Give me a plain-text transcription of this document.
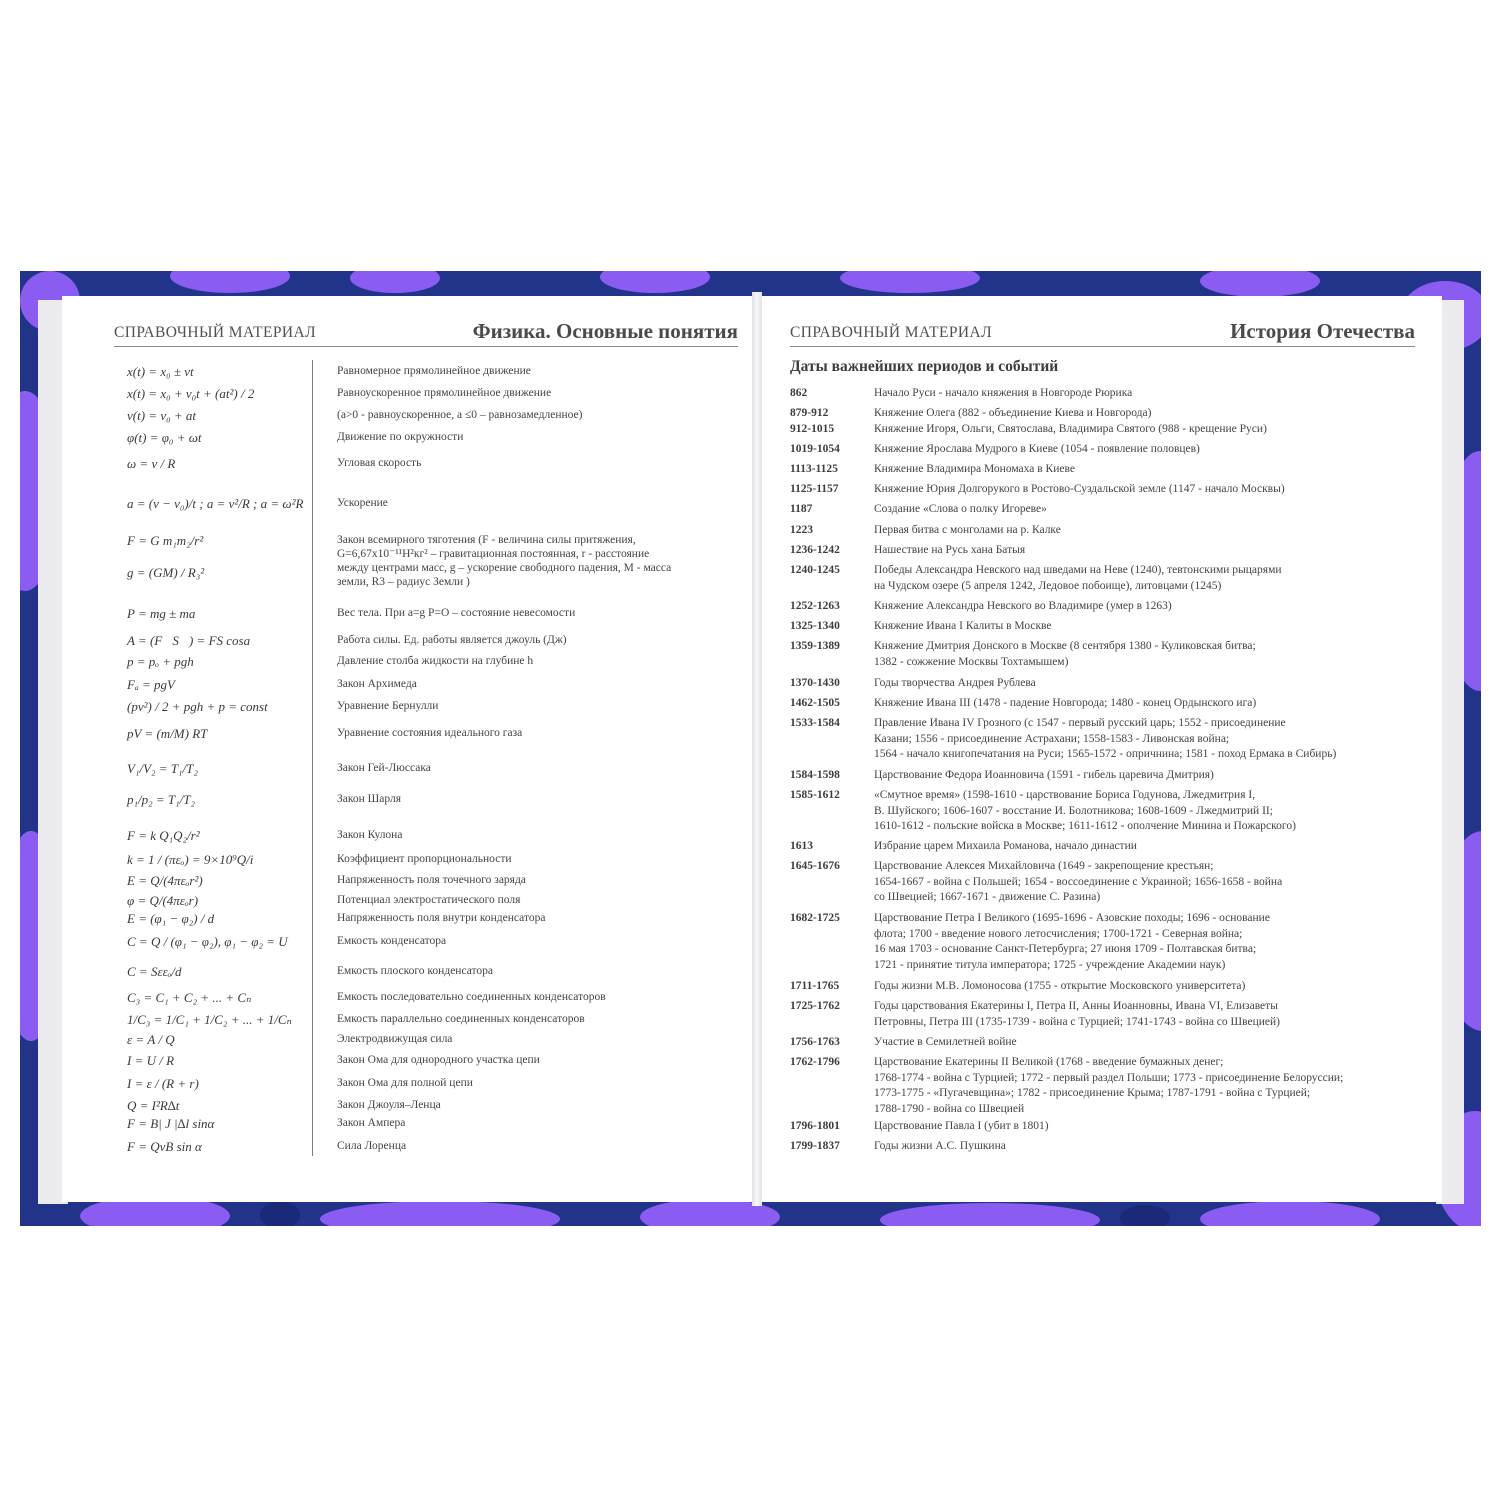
СПРАВОЧНЫЙ МАТЕРИАЛ	Физика. Основные понятия
x(t) = x₀ ± vt	Равномерное прямолинейное движение
x(t) = x₀ + v₀t + (at²) / 2	Равноускоренное прямолинейное движение
v(t) = v₀ + at	(a>0 - равноускоренное, a ≤0 – равнозамедленное)
φ(t) = φ₀ + ωt	Движение по окружности
ω = v / R	Угловая скорость
a = (v − v₀)/t ; a = v²/R ; a = ω²R	Ускорение
F = G m₁m₂/r²	Закон всемирного тяготения (F - величина силы притяжения,
G=6,67x10⁻¹¹Н²кг² – гравитационная постоянная, r - расстояние
между центрами масс, g – ускорение свободного падения, M - масса
земли, R3 – радиус Земли )
g = (GM) / R₃²
P = mg ± ma	Вес тела. При a=g P=O – состояние невесомости
A = (F⃗S⃗) = FS cosa	Работа силы. Ед. работы является джоуль (Дж)
p = pₒ + pgh	Давление столба жидкости на глубине h
Fₐ = pgV	Закон Архимеда
(pv²) / 2 + pgh + p = const	Уравнение Бернулли
pV = (m/M) RT	Уравнение состояния идеального газа
V₁/V₂ = T₁/T₂	Закон Гей-Люссака
p₁/p₂ = T₁/T₂	Закон Шарля
F = k Q₁Q₂/r²	Закон Кулона
k = 1 / (πεₒ) = 9×10⁹Q/i	Коэффициент пропорциональности
E = Q/(4πεₒr²)	Напряженность поля точечного заряда
φ = Q/(4πεₒr)	Потенциал электростатического поля
E = (φ₁ − φ₂) / d	Напряженность поля внутри конденсатора
C = Q / (φ₁ − φ₂), φ₁ − φ₂ = U	Емкость конденсатора
C = Sεεₒ/d	Емкость плоского конденсатора
C₃ = C₁ + C₂ + ... + Cₙ	Емкость последовательно соединенных конденсаторов
1/C₃ = 1/C₁ + 1/C₂ + ... + 1/Cₙ	Емкость параллельно соединенных конденсаторов
ε = A / Q	Электродвижущая сила
I = U / R	Закон Ома для однородного участка цепи
I = ε / (R + r)	Закон Ома для полной цепи
Q = I²R∆t	Закон Джоуля–Ленца
F = B| J |∆l sinα	Закон Ампера
F = QvB sin α	Сила Лоренца
СПРАВОЧНЫЙ МАТЕРИАЛ	История Отечества
Даты важнейших периодов и событий
862	Начало Руси - начало княжения в Новгороде Рюрика
879-912	Княжение Олега (882 - объединение Киева и Новгорода)
912-1015	Княжение Игоря, Ольги, Святослава, Владимира Святого (988 - крещение Руси)
1019-1054	Княжение Ярослава Мудрого в Киеве (1054 - появление половцев)
1113-1125	Княжение Владимира Мономаха в Киеве
1125-1157	Княжение Юрия Долгорукого в Ростово-Суздальской земле (1147 - начало Москвы)
1187	Создание «Слова о полку Игореве»
1223	Первая битва с монголами на р. Калке
1236-1242	Нашествие на Русь хана Батыя
1240-1245	Победы Александра Невского над шведами на Неве (1240), тевтонскими рыцарями
на Чудском озере (5 апреля 1242, Ледовое побоище), литовцами (1245)
1252-1263	Княжение Александра Невского во Владимире (умер в 1263)
1325-1340	Княжение Ивана I Калиты в Москве
1359-1389	Княжение Дмитрия Донского в Москве (8 сентября 1380 - Куликовская битва;
1382 - сожжение Москвы Тохтамышем)
1370-1430	Годы творчества Андрея Рублева
1462-1505	Княжение Ивана III (1478 - падение Новгорода; 1480 - конец Ордынского ига)
1533-1584	Правление Ивана IV Грозного (с 1547 - первый русский царь; 1552 - присоединение
Казани; 1556 - присоединение Астрахани; 1558-1583 - Ливонская война;
1564 - начало книгопечатания на Руси; 1565-1572 - опричнина; 1581 - поход Ермака в Сибирь)
1584-1598	Царствование Федора Иоанновича (1591 - гибель царевича Дмитрия)
1585-1612	«Смутное время» (1598-1610 - царствование Бориса Годунова, Лжедмитрия I,
В. Шуйского; 1606-1607 - восстание И. Болотникова; 1608-1609 - Лжедмитрий II;
1610-1612 - польские войска в Москве; 1611-1612 - ополчение Минина и Пожарского)
1613	Избрание царем Михаила Романова, начало династии
1645-1676	Царствование Алексея Михайловича (1649 - закрепощение крестьян;
1654-1667 - война с Польшей; 1654 - воссоединение с Украиной; 1656-1658 - война
со Швецией; 1667-1671 - движение С. Разина)
1682-1725	Царствование Петра I Великого (1695-1696 - Азовские походы; 1696 - основание
флота; 1700 - введение нового летосчисления; 1700-1721 - Северная война;
16 мая 1703 - основание Санкт-Петербурга; 27 июня 1709 - Полтавская битва;
1721 - принятие титула императора; 1725 - учреждение Академии наук)
1711-1765	Годы жизни М.В. Ломоносова (1755 - открытие Московского университета)
1725-1762	Годы царствования Екатерины I, Петра II, Анны Иоанновны, Ивана VI, Елизаветы
Петровны, Петра III (1735-1739 - война с Турцией; 1741-1743 - война со Швецией)
1756-1763	Участие в Семилетней войне
1762-1796	Царствование Екатерины II Великой (1768 - введение бумажных денег;
1768-1774 - война с Турцией; 1772 - первый раздел Польши; 1773 - присоединение Белоруссии;
1773-1775 - «Пугачевщина»; 1782 - присоединение Крыма; 1787-1791 - война с Турцией;
1788-1790 - война со Швецией
1796-1801	Царствование Павла I (убит в 1801)
1799-1837	Годы жизни А.С. Пушкина
